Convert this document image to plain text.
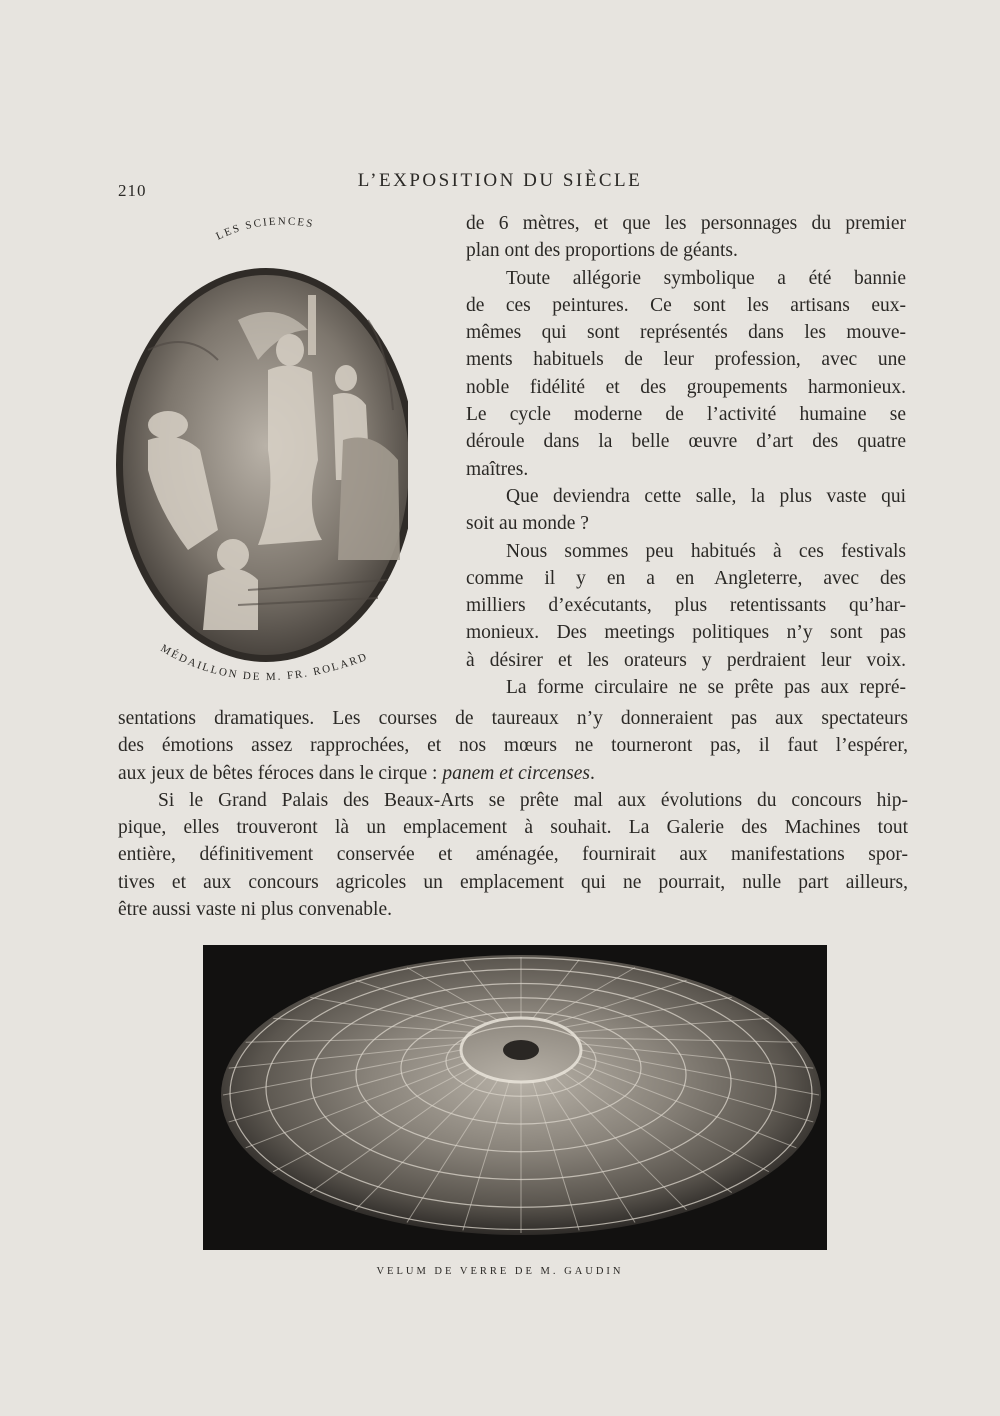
210	L’EXPOSITION DU SIÈCLE
LES SCIENCES
MÉDAILLON DE M. FR. ROLARD
de 6 mètres, et que les personnages du premier
plan ont des proportions de géants.
Toute allégorie symbolique a été bannie
de ces peintures. Ce sont les artisans eux-
mêmes qui sont représentés dans les mouve-
ments habituels de leur profession, avec une
noble fidélité et des groupements harmonieux.
Le cycle moderne de l’activité humaine se
déroule dans la belle œuvre d’art des quatre
maîtres.
Que deviendra cette salle, la plus vaste qui
soit au monde ?
Nous sommes peu habitués à ces festivals
comme il y en a en Angleterre, avec des
milliers d’exécutants, plus retentissants qu’har-
monieux. Des meetings politiques n’y sont pas
à désirer et les orateurs y perdraient leur voix.
La forme circulaire ne se prête pas aux repré-
sentations dramatiques. Les courses de taureaux n’y donneraient pas aux spectateurs
des émotions assez rapprochées, et nos mœurs ne tourneront pas, il faut l’espérer,
aux jeux de bêtes féroces dans le cirque : panem et circenses.
Si le Grand Palais des Beaux-Arts se prête mal aux évolutions du concours hip-
pique, elles trouveront là un emplacement à souhait. La Galerie des Machines tout
entière, définitivement conservée et aménagée, fournirait aux manifestations spor-
tives et aux concours agricoles un emplacement qui ne pourrait, nulle part ailleurs,
être aussi vaste ni plus convenable.
VELUM DE VERRE DE M. GAUDIN
